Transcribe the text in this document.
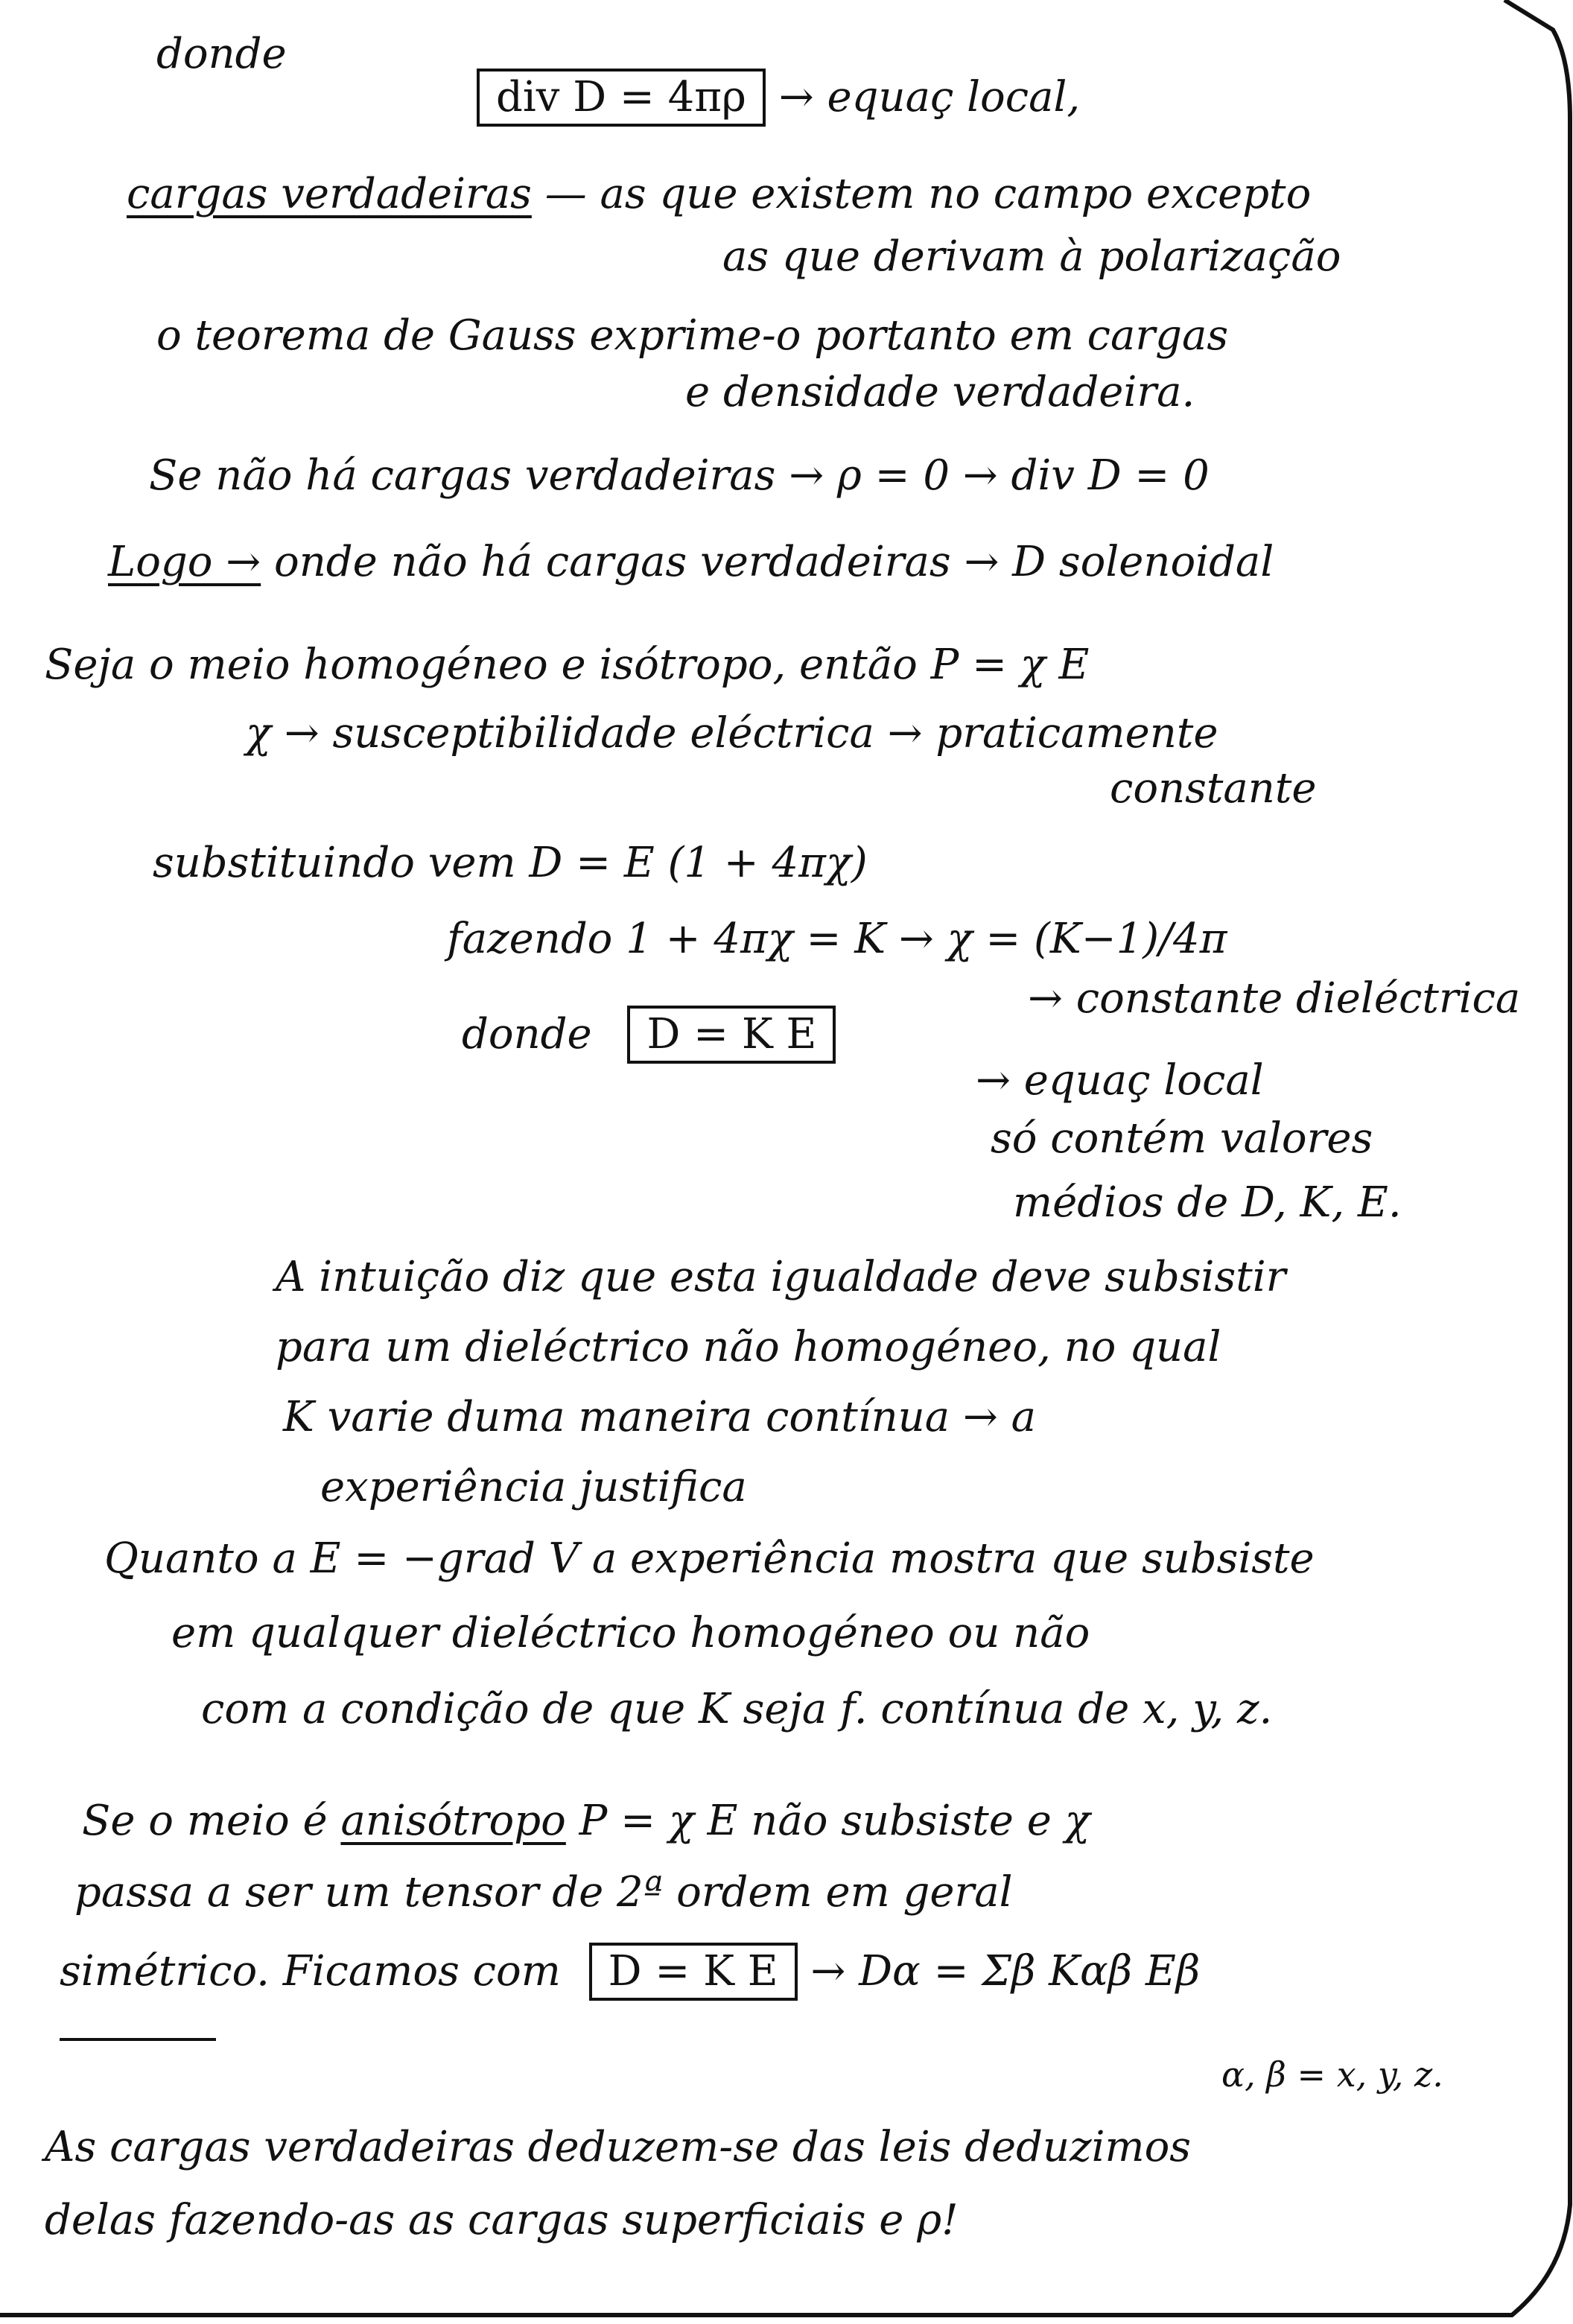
donde
div D = 4πρ → equaç local,
cargas verdadeiras — as que existem no campo excepto
as que derivam à polarização
o teorema de Gauss exprime-o portanto em cargas
e densidade verdadeira.
Se não há cargas verdadeiras → ρ = 0 → div D = 0
Logo → onde não há cargas verdadeiras → D solenoidal
Seja o meio homogéneo e isótropo, então P = χ E
χ → susceptibilidade eléctrica → praticamente
constante
substituindo vem D = E (1 + 4πχ)
fazendo 1 + 4πχ = K → χ = (K−1)/4π
→ constante dieléctrica
donde D = K E
→ equaç local
só contém valores
médios de D, K, E.
A intuição diz que esta igualdade deve subsistir
para um dieléctrico não homogéneo, no qual
K varie duma maneira contínua → a
experiência justifica
Quanto a E = −grad V a experiência mostra que subsiste
em qualquer dieléctrico homogéneo ou não
com a condição de que K seja f. contínua de x, y, z.
Se o meio é anisótropo P = χ E não subsiste e χ
passa a ser um tensor de 2ª ordem em geral
simétrico. Ficamos com D = K E → Dα = Σβ Kαβ Eβ
α, β = x, y, z.
As cargas verdadeiras deduzem-se das leis deduzimos
delas fazendo-as as cargas superficiais e ρ!
